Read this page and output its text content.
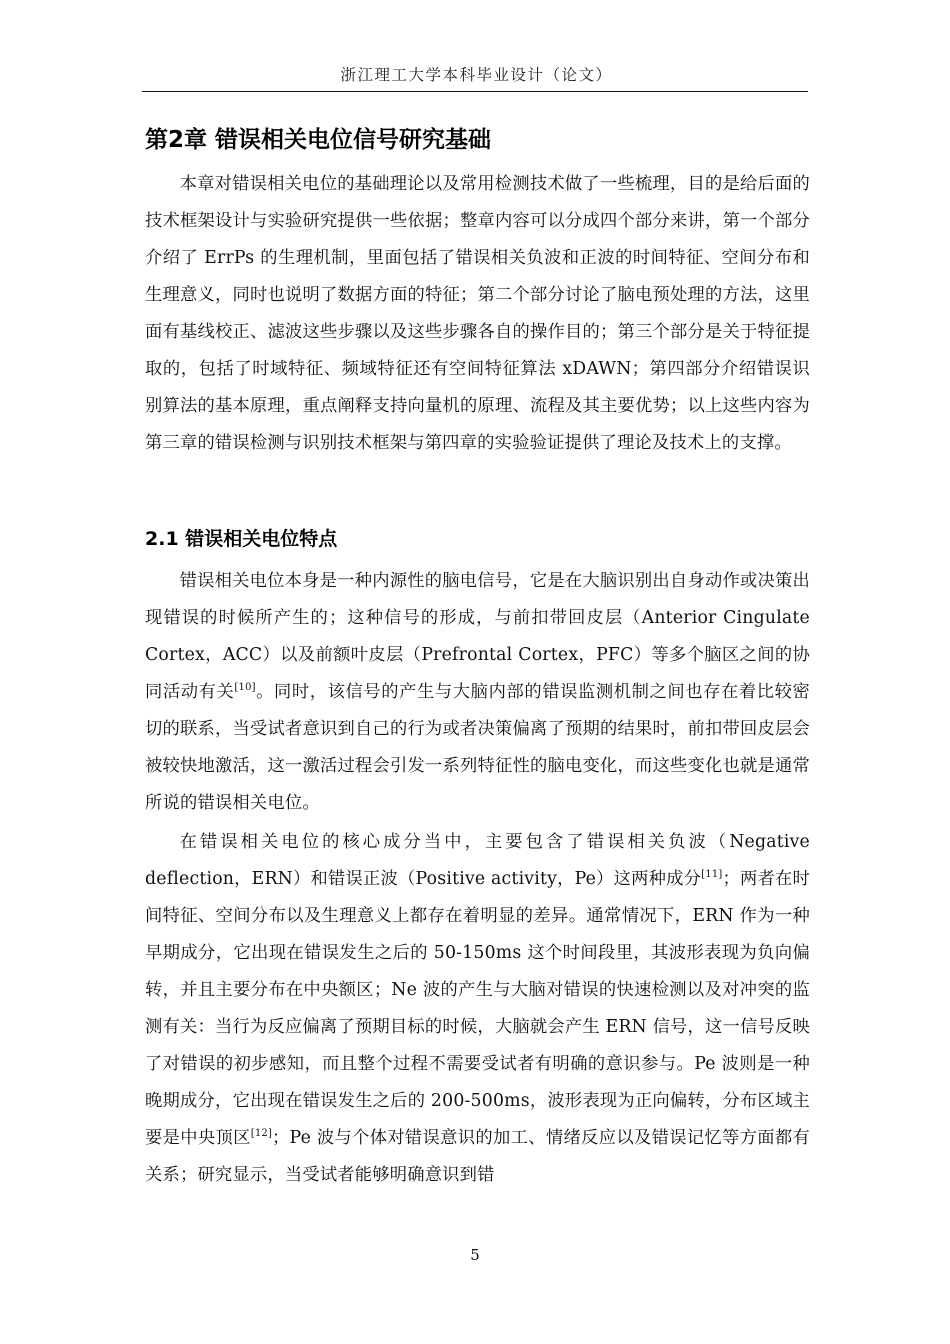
浙江理工大学本科毕业设计（论文）
第2章 错误相关电位信号研究基础

本章对错误相关电位的基础理论以及常用检测技术做了一些梳理，目的是给后面的技术框架设计与实验研究提供一些依据；整章内容可以分成四个部分来讲，第一个部分介绍了 ErrPs 的生理机制，里面包括了错误相关负波和正波的时间特征、空间分布和生理意义，同时也说明了数据方面的特征；第二个部分讨论了脑电预处理的方法，这里面有基线校正、滤波这些步骤以及这些步骤各自的操作目的；第三个部分是关于特征提取的，包括了时域特征、频域特征还有空间特征算法 xDAWN；第四部分介绍错误识别算法的基本原理，重点阐释支持向量机的原理、流程及其主要优势；以上这些内容为第三章的错误检测与识别技术框架与第四章的实验验证提供了理论及技术上的支撑。

2.1 错误相关电位特点

错误相关电位本身是一种内源性的脑电信号，它是在大脑识别出自身动作或决策出现错误的时候所产生的；这种信号的形成，与前扣带回皮层（Anterior Cingulate Cortex，ACC）以及前额叶皮层（Prefrontal Cortex，PFC）等多个脑区之间的协同活动有关[10]。同时，该信号的产生与大脑内部的错误监测机制之间也存在着比较密切的联系，当受试者意识到自己的行为或者决策偏离了预期的结果时，前扣带回皮层会被较快地激活，这一激活过程会引发一系列特征性的脑电变化，而这些变化也就是通常所说的错误相关电位。

在错误相关电位的核心成分当中，主要包含了错误相关负波（Negative deflection，ERN）和错误正波（Positive activity，Pe）这两种成分[11]；两者在时间特征、空间分布以及生理意义上都存在着明显的差异。通常情况下，ERN 作为一种早期成分，它出现在错误发生之后的 50-150ms 这个时间段里，其波形表现为负向偏转，并且主要分布在中央额区；Ne 波的产生与大脑对错误的快速检测以及对冲突的监测有关：当行为反应偏离了预期目标的时候，大脑就会产生 ERN 信号，这一信号反映了对错误的初步感知，而且整个过程不需要受试者有明确的意识参与。Pe 波则是一种晚期成分，它出现在错误发生之后的 200-500ms，波形表现为正向偏转，分布区域主要是中央顶区[12]；Pe 波与个体对错误意识的加工、情绪反应以及错误记忆等方面都有关系；研究显示，当受试者能够明确意识到错

5
